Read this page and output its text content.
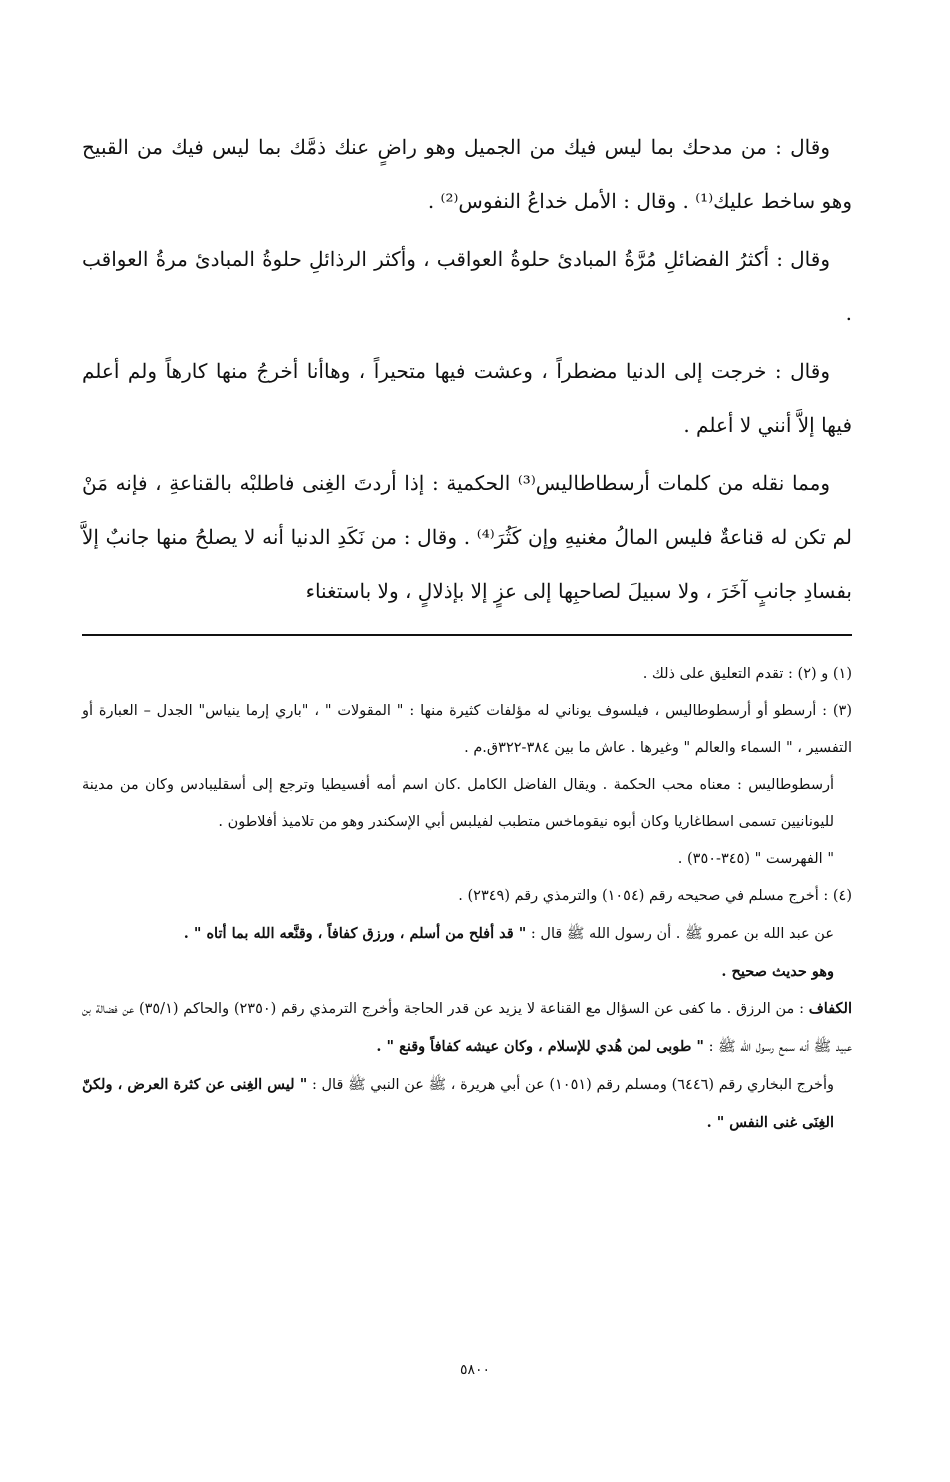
وقال : من مدحك بما ليس فيك من الجميل وهو راضٍ عنك ذمَّك بما ليس فيك من القبيح وهو ساخط عليك⁽¹⁾ . وقال : الأمل خداعُ النفوس⁽²⁾ .

وقال : أكثرُ الفضائلِ مُرَّةُ المبادئ حلوةُ العواقب ، وأكثر الرذائلِ حلوةُ المبادئ مرةُ العواقب .

وقال : خرجت إلى الدنيا مضطراً ، وعشت فيها متحيراً ، وهاأنا أخرجُ منها كارهاً ولم أعلم فيها إلاَّ أنني لا أعلم .

ومما نقله من كلمات أرسطاطاليس⁽³⁾ الحكمية : إذا أردتَ الغِنى فاطلبْه بالقناعةِ ، فإنه مَنْ لم تكن له قناعةٌ فليس المالُ مغنيهِ وإن كَثُرَ⁽⁴⁾ . وقال : من نَكَدِ الدنيا أنه لا يصلحُ منها جانبٌ إلاَّ بفسادِ جانبٍ آخَرَ ، ولا سبيلَ لصاحبِها إلى عزٍ إلا بإذلالٍ ، ولا باستغناء

(١) و (٢) : تقدم التعليق على ذلك .

(٣) : أرسطو أو أرسطوطاليس ، فيلسوف يوناني له مؤلفات كثيرة منها : " المقولات " ، "باري إرما ينياس" الجدل – العبارة أو التفسير ، " السماء والعالم " وغيرها . عاش ما بين ٣٨٤-٣٢٢ق.م .

أرسطوطاليس : معناه محب الحكمة . ويقال الفاضل الكامل .كان اسم أمه أفسيطيا وترجع إلى أسقليبادس وكان من مدينة لليونانيين تسمى اسطاغاريا وكان أبوه نيقوماخس متطبب لفيلبس أبي الإسكندر وهو من تلاميذ أفلاطون .

" الفهرست " (٣٤٥-٣٥٠) .

(٤) : أخرج مسلم في صحيحه رقم (١٠٥٤) والترمذي رقم (٢٣٤٩) .

عن عبد الله بن عمرو ﷺ . أن رسول الله ﷺ قال : " قد أفلح من أسلم ، ورزق كفافاً ، وقنَّعه الله بما أتاه " .

وهو حديث صحيح .

الكفاف : من الرزق . ما كفى عن السؤال مع القناعة لا يزيد عن قدر الحاجة وأخرج الترمذي رقم (٢٣٥٠) والحاكم (٣٥/١) عن فضالة بن عبيد ﷺ أنه سمع رسول الله ﷺ : " طوبى لمن هُدي للإسلام ، وكان عيشه كفافاً وقنع " .

وأخرج البخاري رقم (٦٤٤٦) ومسلم رقم (١٠٥١) عن أبي هريرة ، ﷺ عن النبي ﷺ قال : " ليس الغِنى عن كثرة العرض ، ولكنّ الغِنَى غنى النفس " .

٥٨٠٠
